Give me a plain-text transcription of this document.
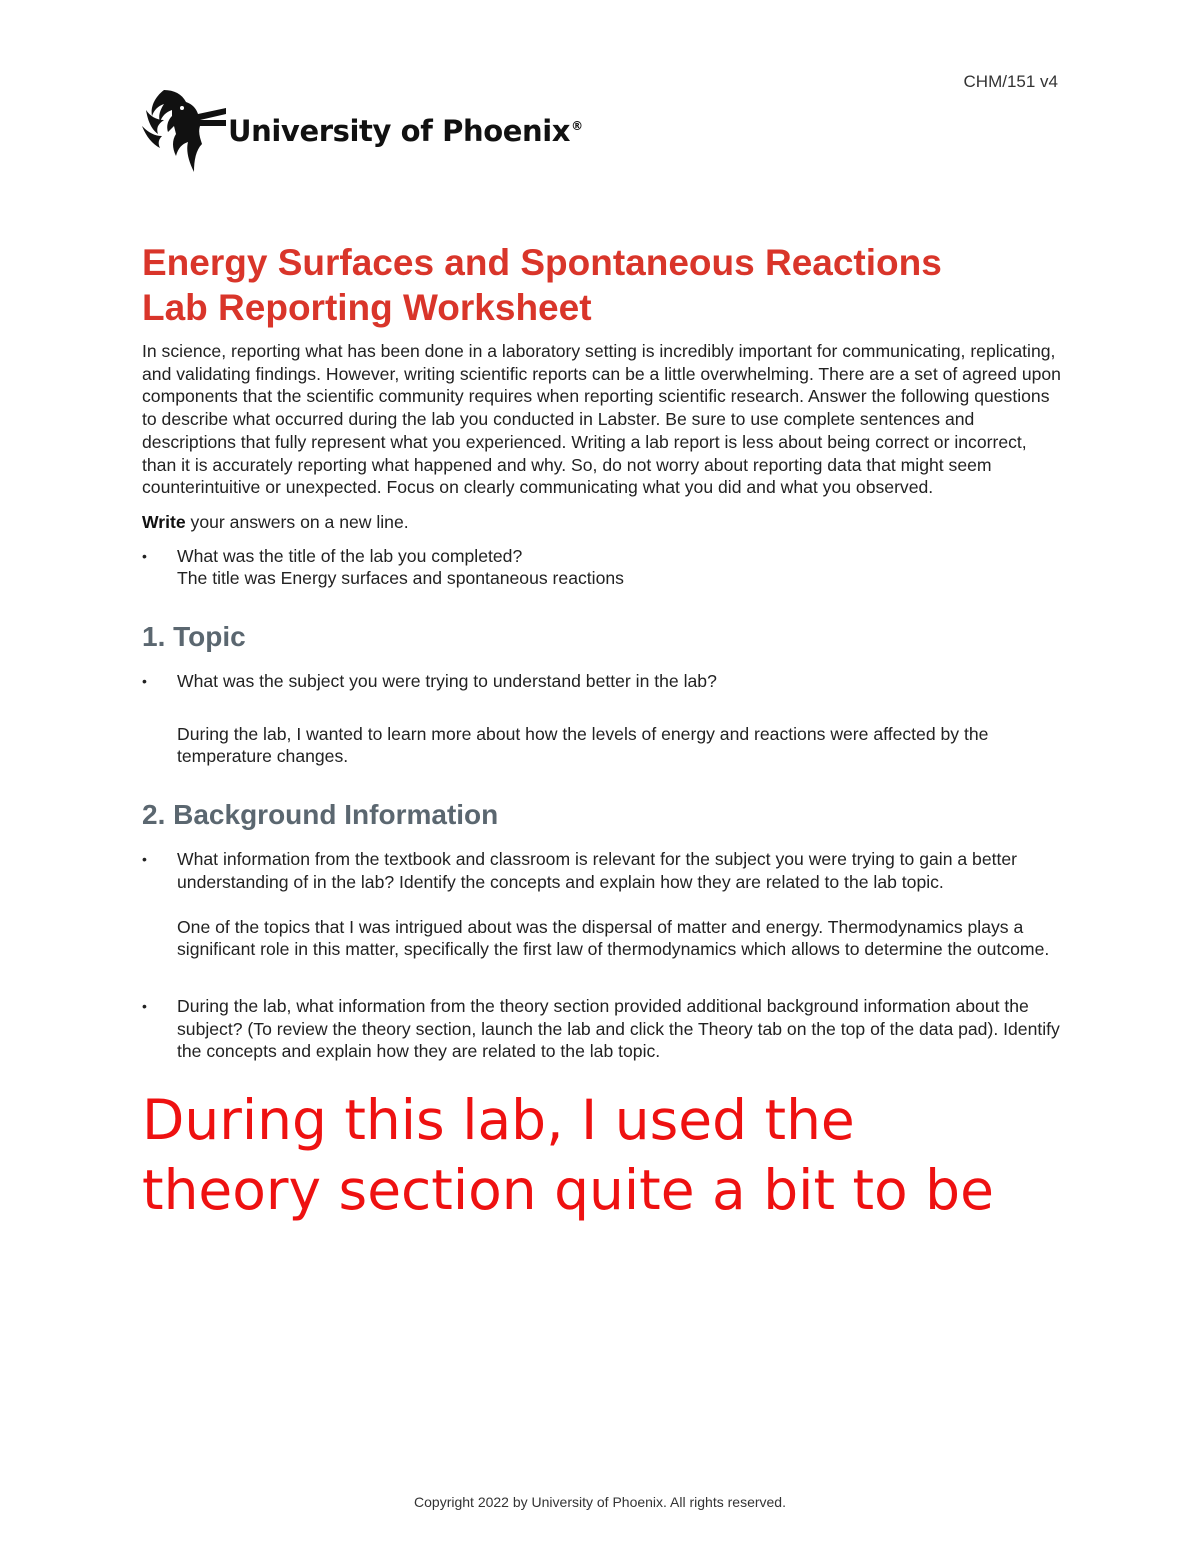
CHM/151 v4
University of Phoenix®
Energy Surfaces and Spontaneous Reactions
Lab Reporting Worksheet

In science, reporting what has been done in a laboratory setting is incredibly important for communicating, replicating, and validating findings. However, writing scientific reports can be a little overwhelming. There are a set of agreed upon components that the scientific community requires when reporting scientific research. Answer the following questions to describe what occurred during the lab you conducted in Labster. Be sure to use complete sentences and descriptions that fully represent what you experienced. Writing a lab report is less about being correct or incorrect, than it is accurately reporting what happened and why. So, do not worry about reporting data that might seem counterintuitive or unexpected. Focus on clearly communicating what you did and what you observed.

Write your answers on a new line.

• What was the title of the lab you completed?
The title was Energy surfaces and spontaneous reactions
1. Topic
• What was the subject you were trying to understand better in the lab?
During the lab, I wanted to learn more about how the levels of energy and reactions were affected by the temperature changes.
2. Background Information
• What information from the textbook and classroom is relevant for the subject you were trying to gain a better understanding of in the lab? Identify the concepts and explain how they are related to the lab topic.
One of the topics that I was intrigued about was the dispersal of matter and energy. Thermodynamics plays a significant role in this matter, specifically the first law of thermodynamics which allows to determine the outcome.
• During the lab, what information from the theory section provided additional background information about the subject? (To review the theory section, launch the lab and click the Theory tab on the top of the data pad). Identify the concepts and explain how they are related to the lab topic.

During this lab, I used the
theory section quite a bit to be

Copyright 2022 by University of Phoenix. All rights reserved.
